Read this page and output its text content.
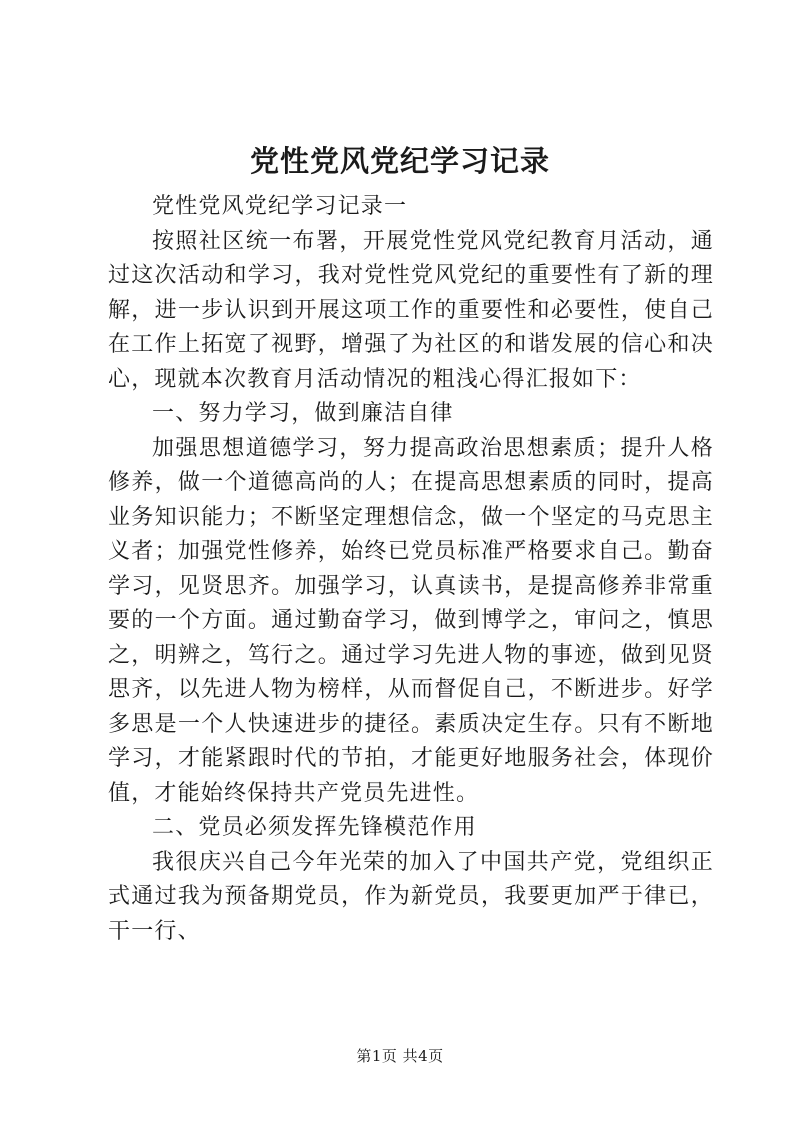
党性党风党纪学习记录

党性党风党纪学习记录一

按照社区统一布署，开展党性党风党纪教育月活动，通过这次活动和学习，我对党性党风党纪的重要性有了新的理解，进一步认识到开展这项工作的重要性和必要性，使自己在工作上拓宽了视野，增强了为社区的和谐发展的信心和决心，现就本次教育月活动情况的粗浅心得汇报如下：

一、努力学习，做到廉洁自律

加强思想道德学习，努力提高政治思想素质；提升人格修养，做一个道德高尚的人；在提高思想素质的同时，提高业务知识能力；不断坚定理想信念，做一个坚定的马克思主义者；加强党性修养，始终已党员标准严格要求自己。勤奋学习，见贤思齐。加强学习，认真读书，是提高修养非常重要的一个方面。通过勤奋学习，做到博学之，审问之，慎思之，明辨之，笃行之。通过学习先进人物的事迹，做到见贤思齐，以先进人物为榜样，从而督促自己，不断进步。好学多思是一个人快速进步的捷径。素质决定生存。只有不断地学习，才能紧跟时代的节拍，才能更好地服务社会，体现价值，才能始终保持共产党员先进性。

二、党员必须发挥先锋模范作用

我很庆兴自己今年光荣的加入了中国共产党，党组织正式通过我为预备期党员，作为新党员，我要更加严于律已，干一行、

第1页 共4页
